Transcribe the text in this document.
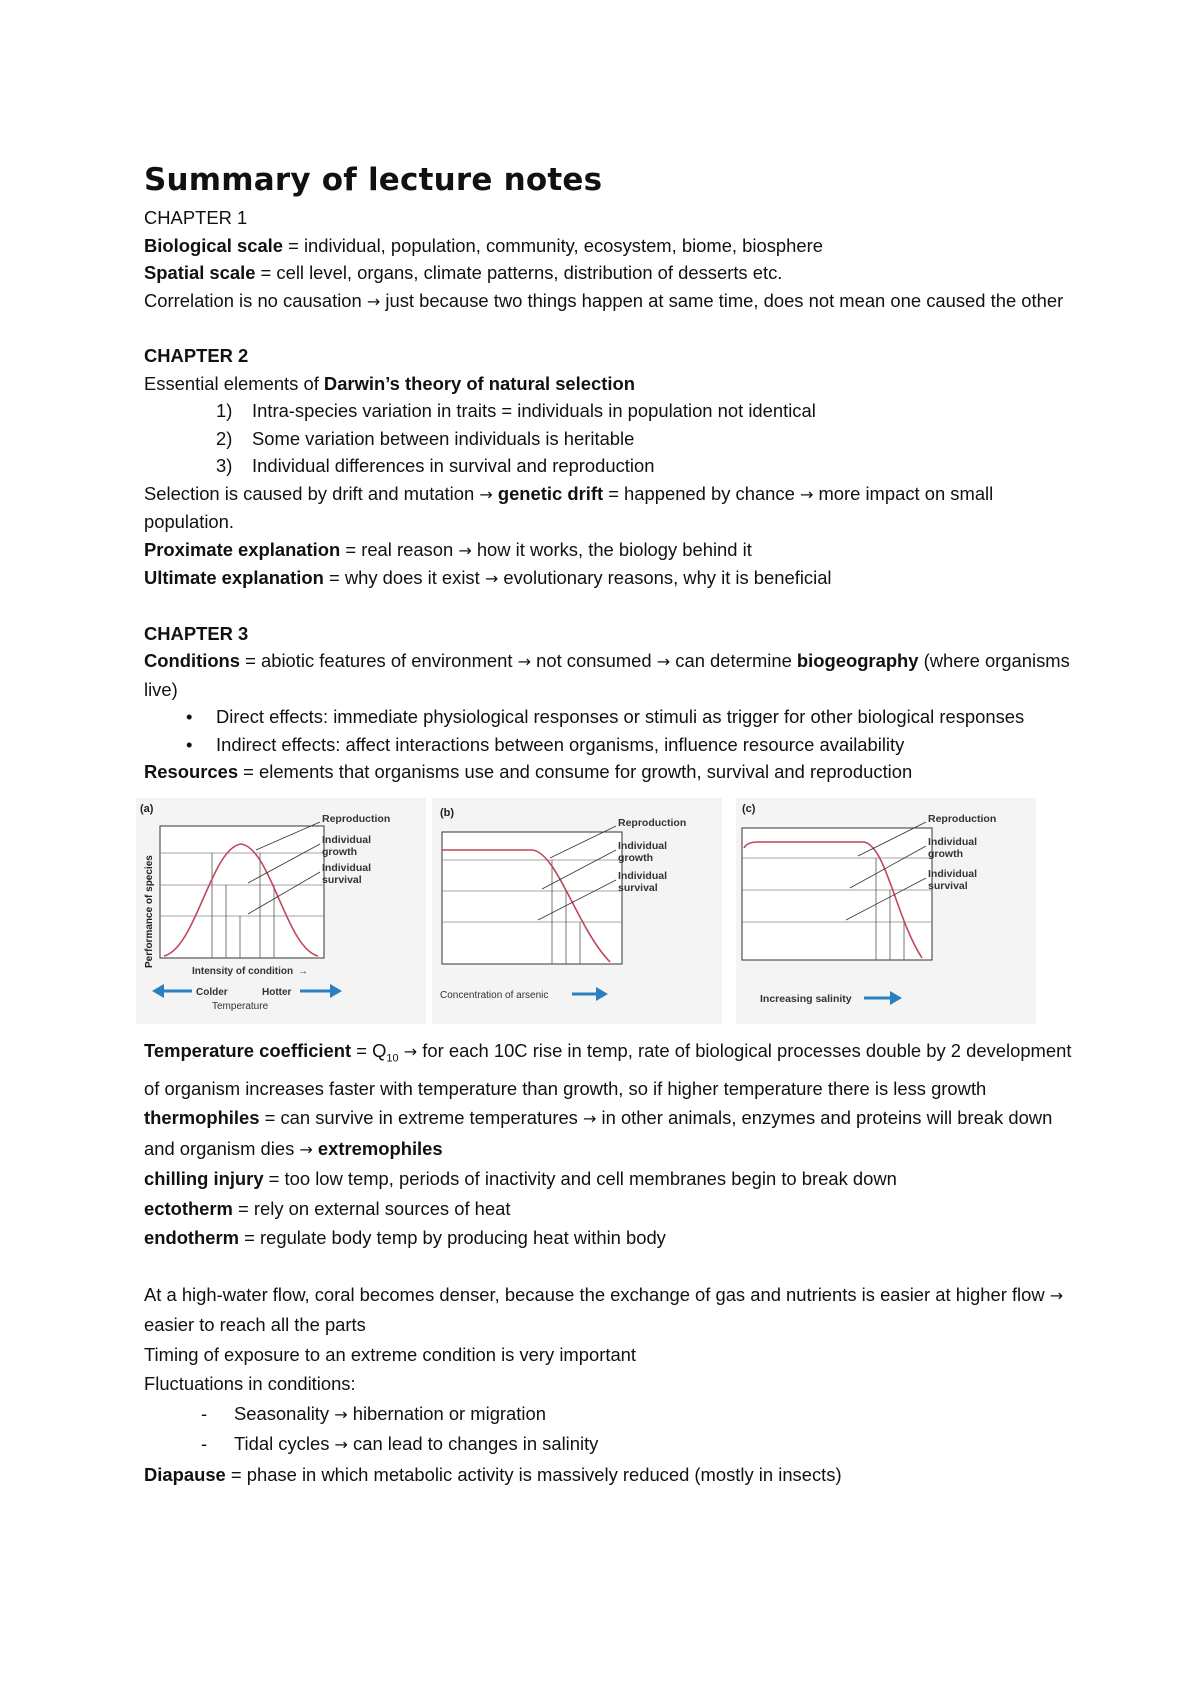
Summary of lecture notes

CHAPTER 1

Biological scale = individual, population, community, ecosystem, biome, biosphere

Spatial scale = cell level, organs, climate patterns, distribution of desserts etc.

Correlation is no causation → just because two things happen at same time, does not mean one caused the other

CHAPTER 2

Essential elements of Darwin’s theory of natural selection

1) Intra-species variation in traits = individuals in population not identical
2) Some variation between individuals is heritable
3) Individual differences in survival and reproduction

Selection is caused by drift and mutation → genetic drift = happened by chance → more impact on small population.

Proximate explanation = real reason → how it works, the biology behind it

Ultimate explanation = why does it exist → evolutionary reasons, why it is beneficial

CHAPTER 3

Conditions = abiotic features of environment → not consumed → can determine biogeography (where organisms live)

• Direct effects: immediate physiological responses or stimuli as trigger for other biological responses
• Indirect effects: affect interactions between organisms, influence resource availability

Resources = elements that organisms use and consume for growth, survival and reproduction

(a)
Performance of species
Reproduction
Individual growth
Individual survival
Intensity of condition →
Colder	Hotter
Temperature
(b)
Reproduction
Individual growth
Individual survival
Concentration of arsenic
(c)
Reproduction
Individual growth
Individual survival
Increasing salinity

Temperature coefficient = $Q_{10}$ → for each 10C rise in temp, rate of biological processes double by 2 development of organism increases faster with temperature than growth, so if higher temperature there is less growth

thermophiles = can survive in extreme temperatures → in other animals, enzymes and proteins will break down and organism dies → extremophiles

chilling injury = too low temp, periods of inactivity and cell membranes begin to break down

ectotherm = rely on external sources of heat

endotherm = regulate body temp by producing heat within body

At a high-water flow, coral becomes denser, because the exchange of gas and nutrients is easier at higher flow → easier to reach all the parts

Timing of exposure to an extreme condition is very important

Fluctuations in conditions:

- Seasonality → hibernation or migration
- Tidal cycles → can lead to changes in salinity

Diapause = phase in which metabolic activity is massively reduced (mostly in insects)
